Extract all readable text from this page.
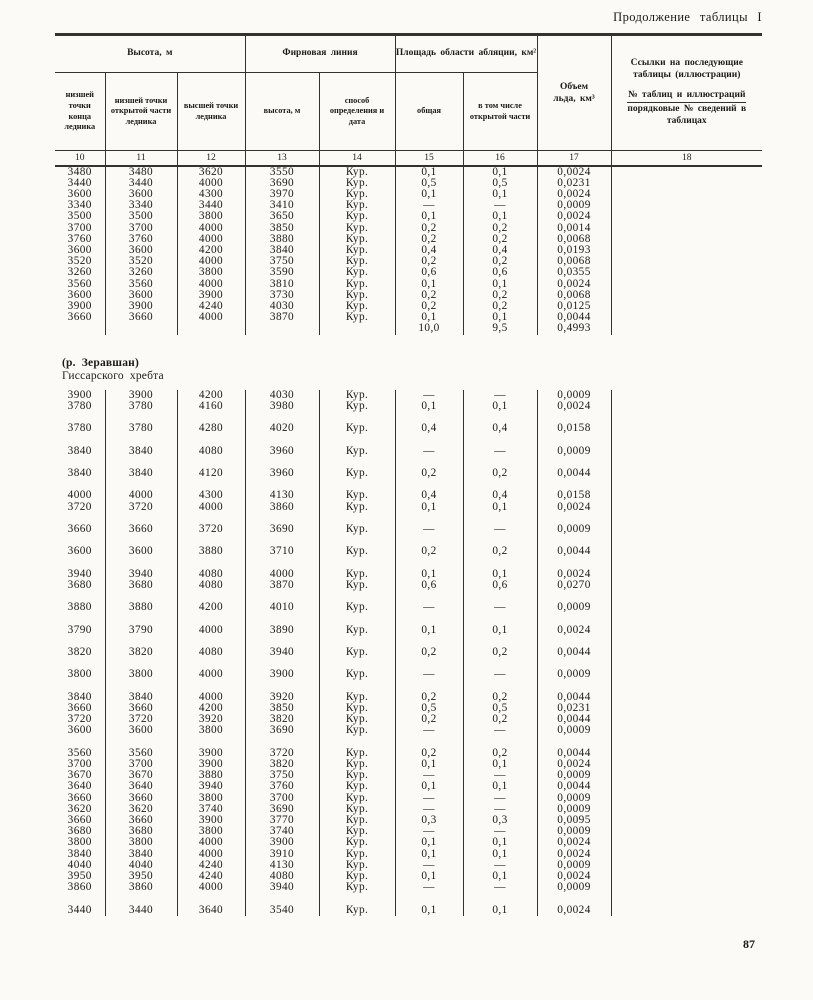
Продолжение таблицы I
Высота, м			Фирновая линия		Площадь области абляции, км²		Объем льда, км³	Ссылки на последующие таблицы (иллюстрации)
№ таблиц и иллюстраций
порядковые № сведений в таблицах

низшей точки конца ледника	низшей точки открытой части ледника	высшей точки ледника	высота, м	способ определения и дата	общая	в том числе открытой части		
10	11	12	13	14	15	16	17	18
3480	3480	3620	3550	Кур.	0,1	0,1	0,0024	
3440	3440	4000	3690	Кур.	0,5	0,5	0,0231	
3600	3600	4300	3970	Кур.	0,1	0,1	0,0024	
3340	3340	3440	3410	Кур.	—	—	0,0009	
3500	3500	3800	3650	Кур.	0,1	0,1	0,0024	
3700	3700	4000	3850	Кур.	0,2	0,2	0,0014	
3760	3760	4000	3880	Кур.	0,2	0,2	0,0068	
3600	3600	4200	3840	Кур.	0,4	0,4	0,0193	
3520	3520	4000	3750	Кур.	0,2	0,2	0,0068	
3260	3260	3800	3590	Кур.	0,6	0,6	0,0355	
3560	3560	4000	3810	Кур.	0,1	0,1	0,0024	
3600	3600	3900	3730	Кур.	0,2	0,2	0,0068	
3900	3900	4240	4030	Кур.	0,2	0,2	0,0125	
3660	3660	4000	3870	Кур.	0,1	0,1	0,0044	
					10,0	9,5	0,4993	

(р. Зеравшан)								
Гиссарского хребта								

3900	3900	4200	4030	Кур.	—	—	0,0009	
3780	3780	4160	3980	Кур.	0,1	0,1	0,0024	

3780	3780	4280	4020	Кур.	0,4	0,4	0,0158	

3840	3840	4080	3960	Кур.	—	—	0,0009	

3840	3840	4120	3960	Кур.	0,2	0,2	0,0044	

4000	4000	4300	4130	Кур.	0,4	0,4	0,0158	
3720	3720	4000	3860	Кур.	0,1	0,1	0,0024	

3660	3660	3720	3690	Кур.	—	—	0,0009	

3600	3600	3880	3710	Кур.	0,2	0,2	0,0044	

3940	3940	4080	4000	Кур.	0,1	0,1	0,0024	
3680	3680	4080	3870	Кур.	0,6	0,6	0,0270	

3880	3880	4200	4010	Кур.	—	—	0,0009	

3790	3790	4000	3890	Кур.	0,1	0,1	0,0024	

3820	3820	4080	3940	Кур.	0,2	0,2	0,0044	

3800	3800	4000	3900	Кур.	—	—	0,0009	

3840	3840	4000	3920	Кур.	0,2	0,2	0,0044	
3660	3660	4200	3850	Кур.	0,5	0,5	0,0231	
3720	3720	3920	3820	Кур.	0,2	0,2	0,0044	
3600	3600	3800	3690	Кур.	—	—	0,0009	

3560	3560	3900	3720	Кур.	0,2	0,2	0,0044	
3700	3700	3900	3820	Кур.	0,1	0,1	0,0024	
3670	3670	3880	3750	Кур.	—	—	0,0009	
3640	3640	3940	3760	Кур.	0,1	0,1	0,0044	
3660	3660	3800	3700	Кур.	—	—	0,0009	
3620	3620	3740	3690	Кур.	—	—	0,0009	
3660	3660	3900	3770	Кур.	0,3	0,3	0,0095	
3680	3680	3800	3740	Кур.	—	—	0,0009	
3800	3800	4000	3900	Кур.	0,1	0,1	0,0024	
3840	3840	4000	3910	Кур.	0,1	0,1	0,0024	
4040	4040	4240	4130	Кур.	—	—	0,0009	
3950	3950	4240	4080	Кур.	0,1	0,1	0,0024	
3860	3860	4000	3940	Кур.	—	—	0,0009	

3440	3440	3640	3540	Кур.	0,1	0,1	0,0024	
87
